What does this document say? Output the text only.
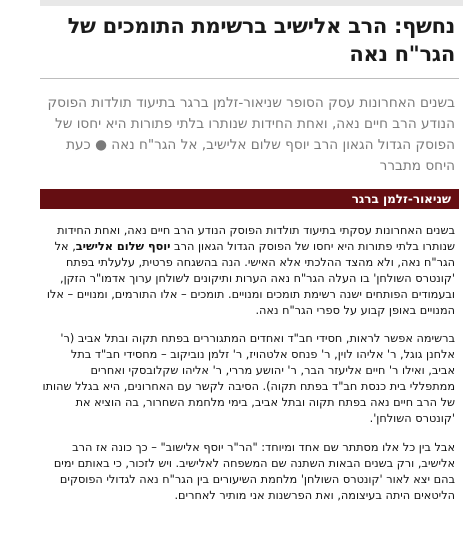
נחשף: הרב אלישיב ברשימת התומכים של הגר"ח נאה
בשנים האחרונות עסק הסופר שניאור-זלמן ברגר בתיעוד תולדות הפוסק הנודע הרב חיים נאה, ואחת החידות שנותרו בלתי פתורות היא יחסו של הפוסק הגדול הגאון הרב יוסף שלום אלישיב, אל הגר"ח נאה ● כעת היחס מתברר
שניאור-זלמן ברגר

בשנים האחרונות עסקתי בתיעוד תולדות הפוסק הנודע הרב חיים נאה, ואחת החידות שנותרו בלתי פתורות היא יחסו של הפוסק הגדול הגאון הרב יוסף שלום אלישיב, אל הגר"ח נאה, ולא מהצד ההלכתי אלא האישי. הנה בהשגחה פרטית, עלעלתי בפתח 'קונטרס השולחן' בו העלה הגר"ח נאה הערות ותיקונים לשולחן ערוך אדמו"ר הזקן, ובעמודים הפותחים ישנה רשימת תומכים ומנויים. תומכים – אלו התורמים, ומנויים – אלו המנויים באופן קבוע על ספרי הגר"ח נאה.

ברשימה אפשר לראות, חסידי חב"ד ואחדים המתגוררים בפתח תקוה ובתל אביב (ר' אלחנן גוגל, ר' אליהו לוין, ר' פנחס אלטהויז, ר' זלמן נוביקוב – מחסידי חב"ד בתל אביב, ואילו ר' חיים אליעזר הבר, ר' יהושע מררי, ר' אליהו שקלובסקי ואחרים ממתפללי בית כנסת חב"ד בפתח תקוה). הסיבה לקשר עם האחרונים, היא בגלל שהותו של הרב חיים נאה בפתח תקוה ובתל אביב, בימי מלחמת השחרור, בה הוציא את 'קונטרס השולחן'.

אבל בין כל אלו מסתתר שם אחד ומיוחד: "הר"ר יוסף אלישוב" – כך כונה אז הרב אלישיב, ורק בשנים הבאות השתנה שם המשפחה לאלישיב. ויש לזכור, כי באותם ימים בהם יצא לאור 'קונטרס השולחן' מלחמת השיעורים בין הגר"ח נאה לגדולי הפוסקים הליטאים היתה בעיצומה, ואת הפרשנות אני מותיר לאחרים.
